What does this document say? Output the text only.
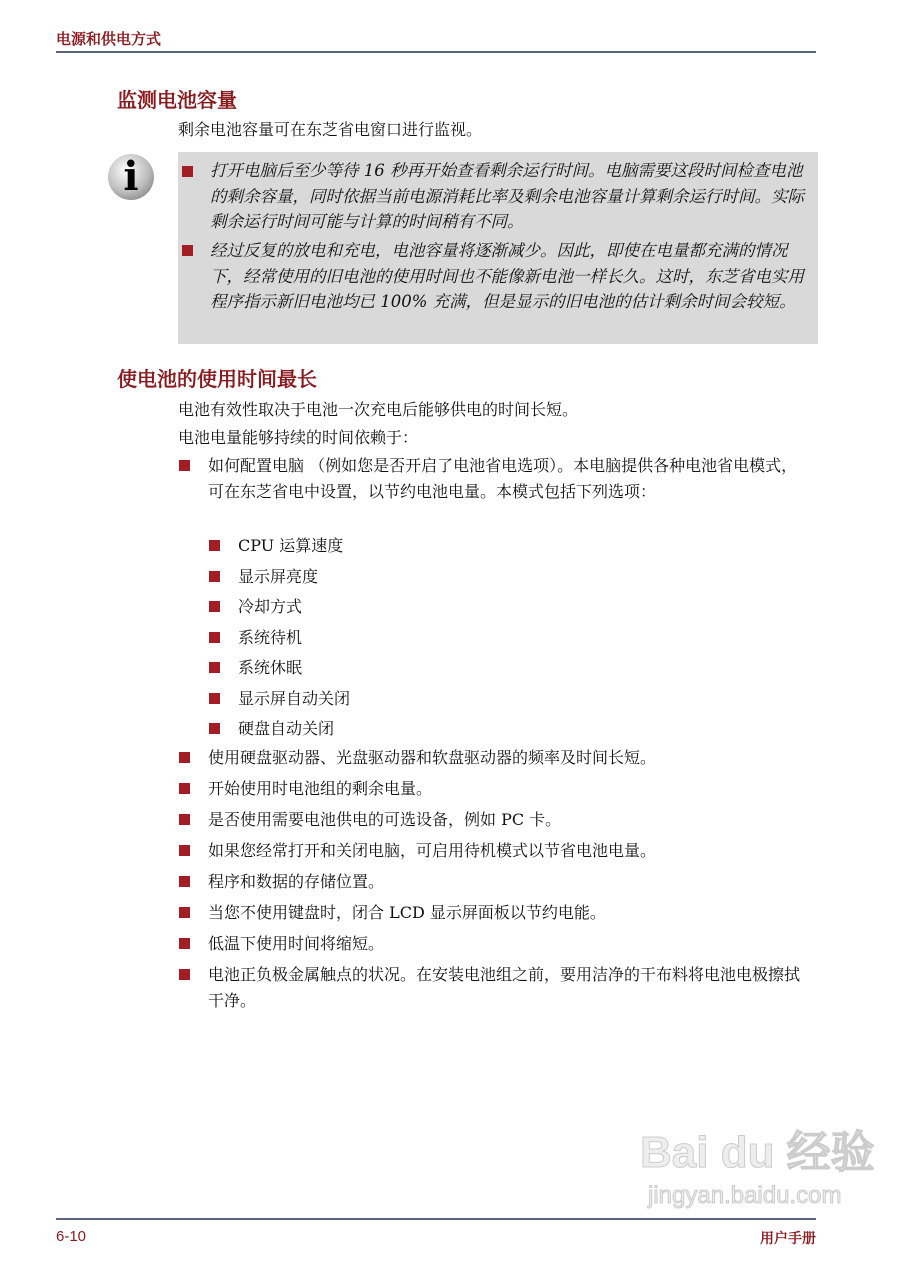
电源和供电方式
监测电池容量
剩余电池容量可在东芝省电窗口进行监视。
i	打开电脑后至少等待 16 秒再开始查看剩余运行时间。电脑需要这段时间检查电池的剩余容量，同时依据当前电源消耗比率及剩余电池容量计算剩余运行时间。实际剩余运行时间可能与计算的时间稍有不同。
经过反复的放电和充电，电池容量将逐渐减少。因此，即使在电量都充满的情况下，经常使用的旧电池的使用时间也不能像新电池一样长久。这时，东芝省电实用程序指示新旧电池均已 100% 充满，但是显示的旧电池的估计剩余时间会较短。
使电池的使用时间最长
电池有效性取决于电池一次充电后能够供电的时间长短。
电池电量能够持续的时间依赖于：
如何配置电脑 （例如您是否开启了电池省电选项）。本电脑提供各种电池省电模式，可在东芝省电中设置，以节约电池电量。本模式包括下列选项：
CPU 运算速度
显示屏亮度
冷却方式
系统待机
系统休眠
显示屏自动关闭
硬盘自动关闭
使用硬盘驱动器、光盘驱动器和软盘驱动器的频率及时间长短。
开始使用时电池组的剩余电量。
是否使用需要电池供电的可选设备，例如 PC 卡。
如果您经常打开和关闭电脑，可启用待机模式以节省电池电量。
程序和数据的存储位置。
当您不使用键盘时，闭合 LCD 显示屏面板以节约电能。
低温下使用时间将缩短。
电池正负极金属触点的状况。在安装电池组之前，要用洁净的干布料将电池电极擦拭干净。
Bai du 经验
jingyan.baidu.com
6-10	用户手册
